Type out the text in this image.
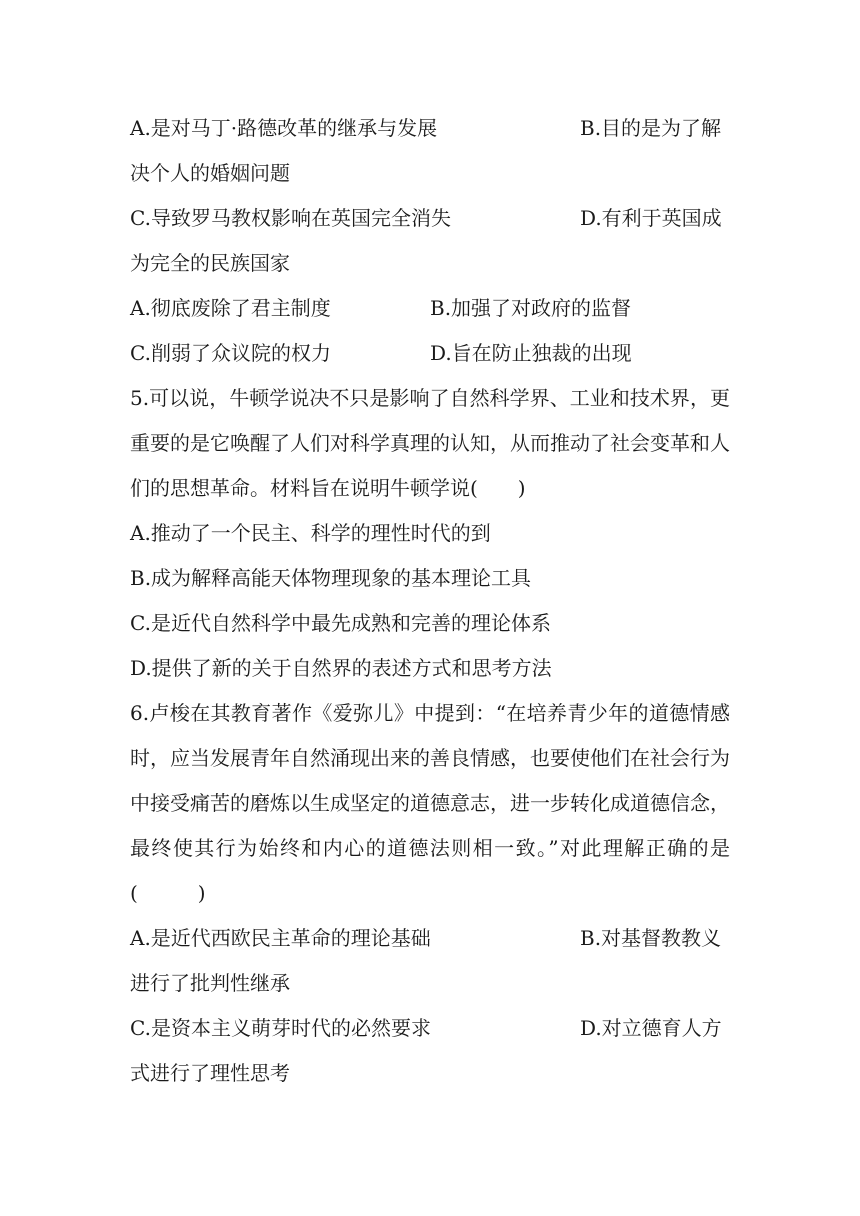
A.是对马丁·路德改革的继承与发展	B.目的是为了解
决个人的婚姻问题
C.导致罗马教权影响在英国完全消失	D.有利于英国成
为完全的民族国家
A.彻底废除了君主制度	B.加强了对政府的监督
C.削弱了众议院的权力	D.旨在防止独裁的出现
5.可以说，牛顿学说决不只是影响了自然科学界、工业和技术界，更
重要的是它唤醒了人们对科学真理的认知，从而推动了社会变革和人
们的思想革命。材料旨在说明牛顿学说(　　)
A.推动了一个民主、科学的理性时代的到
B.成为解释高能天体物理现象的基本理论工具
C.是近代自然科学中最先成熟和完善的理论体系
D.提供了新的关于自然界的表述方式和思考方法
6.卢梭在其教育著作《爱弥儿》中提到：“在培养青少年的道德情感
时，应当发展青年自然涌现出来的善良情感，也要使他们在社会行为
中接受痛苦的磨炼以生成坚定的道德意志，进一步转化成道德信念，
最终使其行为始终和内心的道德法则相一致。”对此理解正确的是
(　　　)
A.是近代西欧民主革命的理论基础	B.对基督教教义
进行了批判性继承
C.是资本主义萌芽时代的必然要求	D.对立德育人方
式进行了理性思考
